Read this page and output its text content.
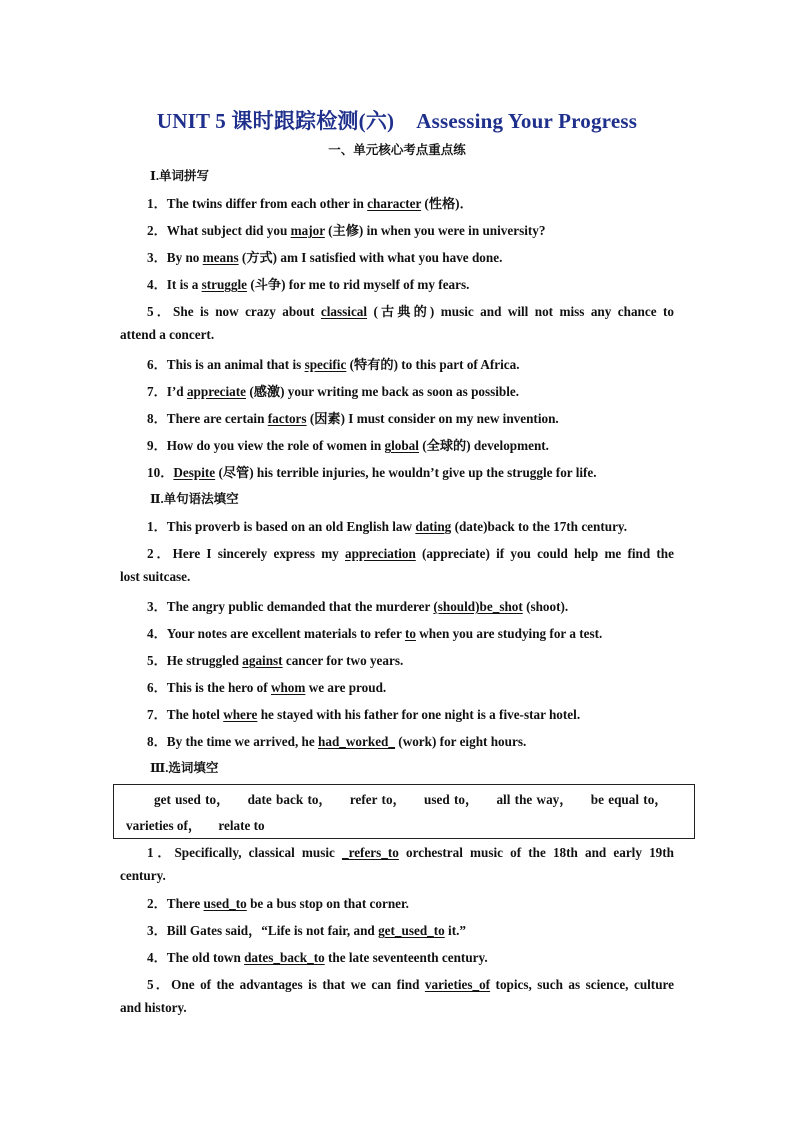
UNIT 5 课时跟踪检测(六) Assessing Your Progress
一、单元核心考点重点练
Ⅰ.单词拼写
1．The twins differ from each other in character (性格)．
2．What subject did you major (主修) in when you were in university?
3．By no means (方式) am I satisfied with what you have done.
4．It is a struggle (斗争) for me to rid myself of my fears.
5．She is now crazy about classical (古典的) music and will not miss any chance to
attend a concert.
6．This is an animal that is specific (特有的) to this part of Africa.
7．I’d appreciate (感激) your writing me back as soon as possible.
8．There are certain factors (因素) I must consider on my new invention.
9．How do you view the role of women in global (全球的) development.
10．Despite (尽管) his terrible injuries, he wouldn’t give up the struggle for life.
Ⅱ.单句语法填空
1．This proverb is based on an old English law dating (date)back to the 17th century.
2．Here I sincerely express my appreciation (appreciate) if you could help me find the
lost suitcase.
3．The angry public demanded that the murderer (should)be_shot (shoot).
4．Your notes are excellent materials to refer to when you are studying for a test.
5．He struggled against cancer for two years.
6．This is the hero of whom we are proud.
7．The hotel where he stayed with his father for one night is a five-star hotel.
8．By the time we arrived, he had_worked_ (work) for eight hours.
Ⅲ.选词填空
get used to， date back to， refer to， used to， all the way， be equal to，
varieties of， relate to
1．Specifically, classical music _refers_to orchestral music of the 18th and early 19th
century.
2．There used_to be a bus stop on that corner.
3．Bill Gates said，“Life is not fair, and get_used_to it.”
4．The old town dates_back_to the late seventeenth century.
5．One of the advantages is that we can find varieties_of topics, such as science, culture
and history.
